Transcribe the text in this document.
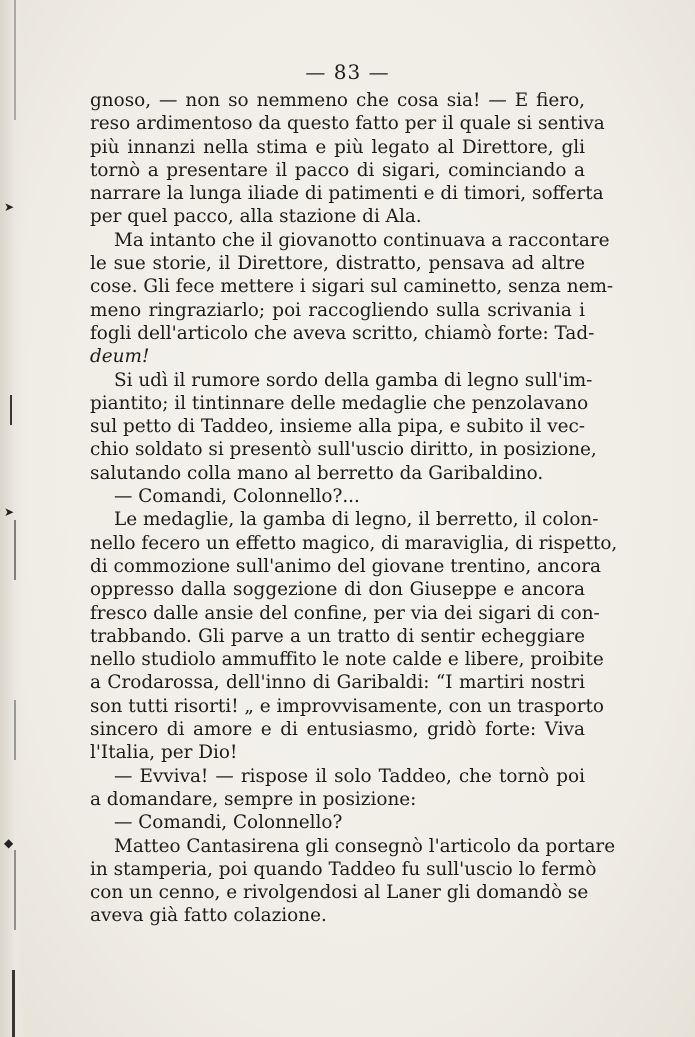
➤
➤
◆
— 83 —
gnoso, — non so nemmeno che cosa sia! — E fiero,
reso ardimentoso da questo fatto per il quale si sentiva
più innanzi nella stima e più legato al Direttore, gli
tornò a presentare il pacco di sigari, cominciando a
narrare la lunga iliade di patimenti e di timori, sofferta
per quel pacco, alla stazione di Ala.
Ma intanto che il giovanotto continuava a raccontare
le sue storie, il Direttore, distratto, pensava ad altre
cose. Gli fece mettere i sigari sul caminetto, senza nem-
meno ringraziarlo; poi raccogliendo sulla scrivania i
fogli dell'articolo che aveva scritto, chiamò forte: Tad-
deum!
Si udì il rumore sordo della gamba di legno sull'im-
piantito; il tintinnare delle medaglie che penzolavano
sul petto di Taddeo, insieme alla pipa, e subito il vec-
chio soldato si presentò sull'uscio diritto, in posizione,
salutando colla mano al berretto da Garibaldino.
— Comandi, Colonnello?...
Le medaglie, la gamba di legno, il berretto, il colon-
nello fecero un effetto magico, di maraviglia, di rispetto,
di commozione sull'animo del giovane trentino, ancora
oppresso dalla soggezione di don Giuseppe e ancora
fresco dalle ansie del confine, per via dei sigari di con-
trabbando. Gli parve a un tratto di sentir echeggiare
nello studiolo ammuffito le note calde e libere, proibite
a Crodarossa, dell'inno di Garibaldi: “I martiri nostri
son tutti risorti! „ e improvvisamente, con un trasporto
sincero di amore e di entusiasmo, gridò forte: Viva
l'Italia, per Dio!
— Evviva! — rispose il solo Taddeo, che tornò poi
a domandare, sempre in posizione:
— Comandi, Colonnello?
Matteo Cantasirena gli consegnò l'articolo da portare
in stamperia, poi quando Taddeo fu sull'uscio lo fermò
con un cenno, e rivolgendosi al Laner gli domandò se
aveva già fatto colazione.
